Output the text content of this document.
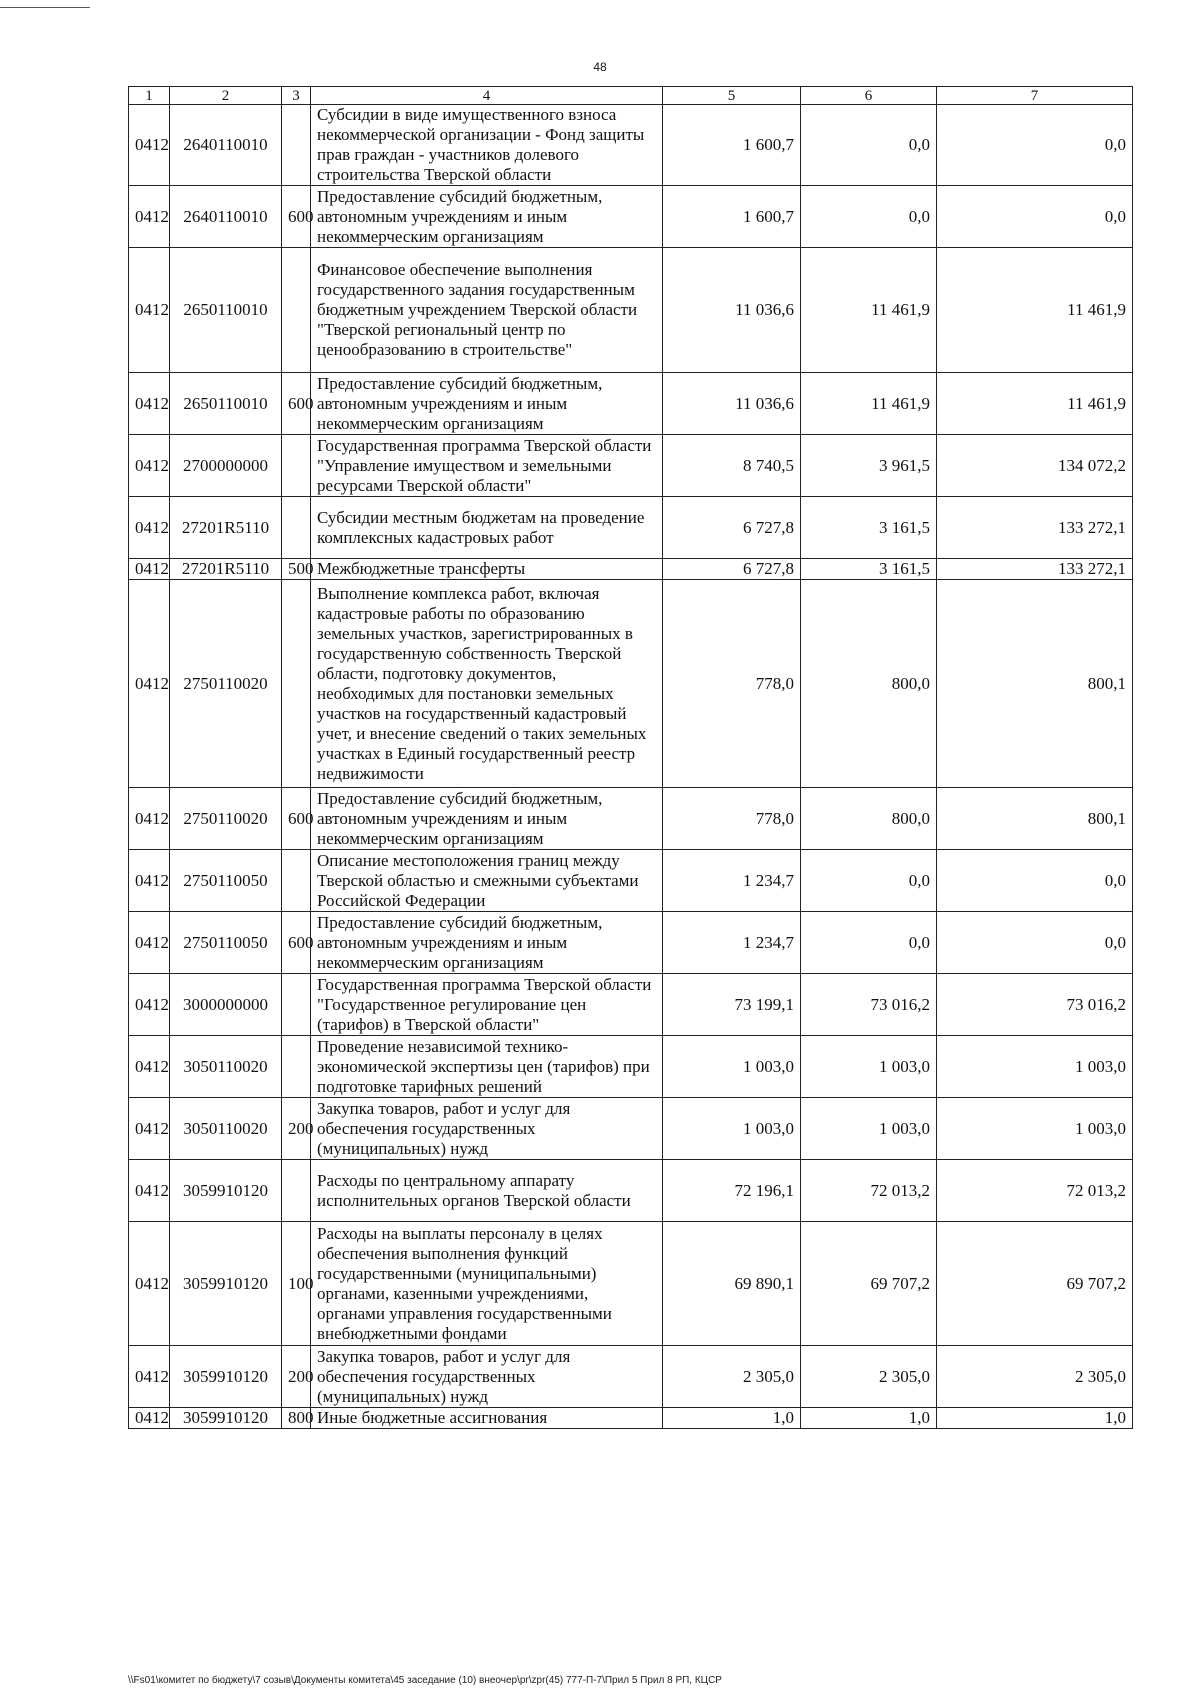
48
1	2	3	4	5	6	7
0412	2640110010		Субсидии в виде имущественного взноса некоммерческой организации - Фонд защиты прав граждан - участников долевого строительства Тверской области	1 600,7	0,0	0,0
0412	2640110010	600	Предоставление субсидий бюджетным, автономным учреждениям и иным некоммерческим организациям	1 600,7	0,0	0,0
0412	2650110010		Финансовое обеспечение выполнения государственного задания государственным бюджетным учреждением Тверской области "Тверской региональный центр по ценообразованию в строительстве"	11 036,6	11 461,9	11 461,9
0412	2650110010	600	Предоставление субсидий бюджетным, автономным учреждениям и иным некоммерческим организациям	11 036,6	11 461,9	11 461,9
0412	2700000000		Государственная программа Тверской области "Управление имуществом и земельными ресурсами Тверской области"	8 740,5	3 961,5	134 072,2
0412	27201R5110		Субсидии местным бюджетам на проведение комплексных кадастровых работ	6 727,8	3 161,5	133 272,1
0412	27201R5110	500	Межбюджетные трансферты	6 727,8	3 161,5	133 272,1
0412	2750110020		Выполнение комплекса работ, включая кадастровые работы по образованию земельных участков, зарегистрированных в государственную собственность Тверской области, подготовку документов, необходимых для постановки земельных участков на государственный кадастровый учет, и внесение сведений о таких земельных участках в Единый государственный реестр недвижимости	778,0	800,0	800,1
0412	2750110020	600	Предоставление субсидий бюджетным, автономным учреждениям и иным некоммерческим организациям	778,0	800,0	800,1
0412	2750110050		Описание местоположения границ между Тверской областью и смежными субъектами Российской Федерации	1 234,7	0,0	0,0
0412	2750110050	600	Предоставление субсидий бюджетным, автономным учреждениям и иным некоммерческим организациям	1 234,7	0,0	0,0
0412	3000000000		Государственная программа Тверской области "Государственное регулирование цен (тарифов) в Тверской области"	73 199,1	73 016,2	73 016,2
0412	3050110020		Проведение независимой технико-экономической экспертизы цен (тарифов) при подготовке тарифных решений	1 003,0	1 003,0	1 003,0
0412	3050110020	200	Закупка товаров, работ и услуг для обеспечения государственных (муниципальных) нужд	1 003,0	1 003,0	1 003,0
0412	3059910120		Расходы по центральному аппарату исполнительных органов Тверской области	72 196,1	72 013,2	72 013,2
0412	3059910120	100	Расходы на выплаты персоналу в целях обеспечения выполнения функций государственными (муниципальными) органами, казенными учреждениями, органами управления государственными внебюджетными фондами	69 890,1	69 707,2	69 707,2
0412	3059910120	200	Закупка товаров, работ и услуг для обеспечения государственных (муниципальных) нужд	2 305,0	2 305,0	2 305,0
0412	3059910120	800	Иные бюджетные ассигнования	1,0	1,0	1,0
\\Fs01\комитет по бюджету\7 созыв\Документы комитета\45 заседание (10) внеочер\pr\zpr(45) 777-П-7\Прил 5 Прил 8 РП, КЦСР
